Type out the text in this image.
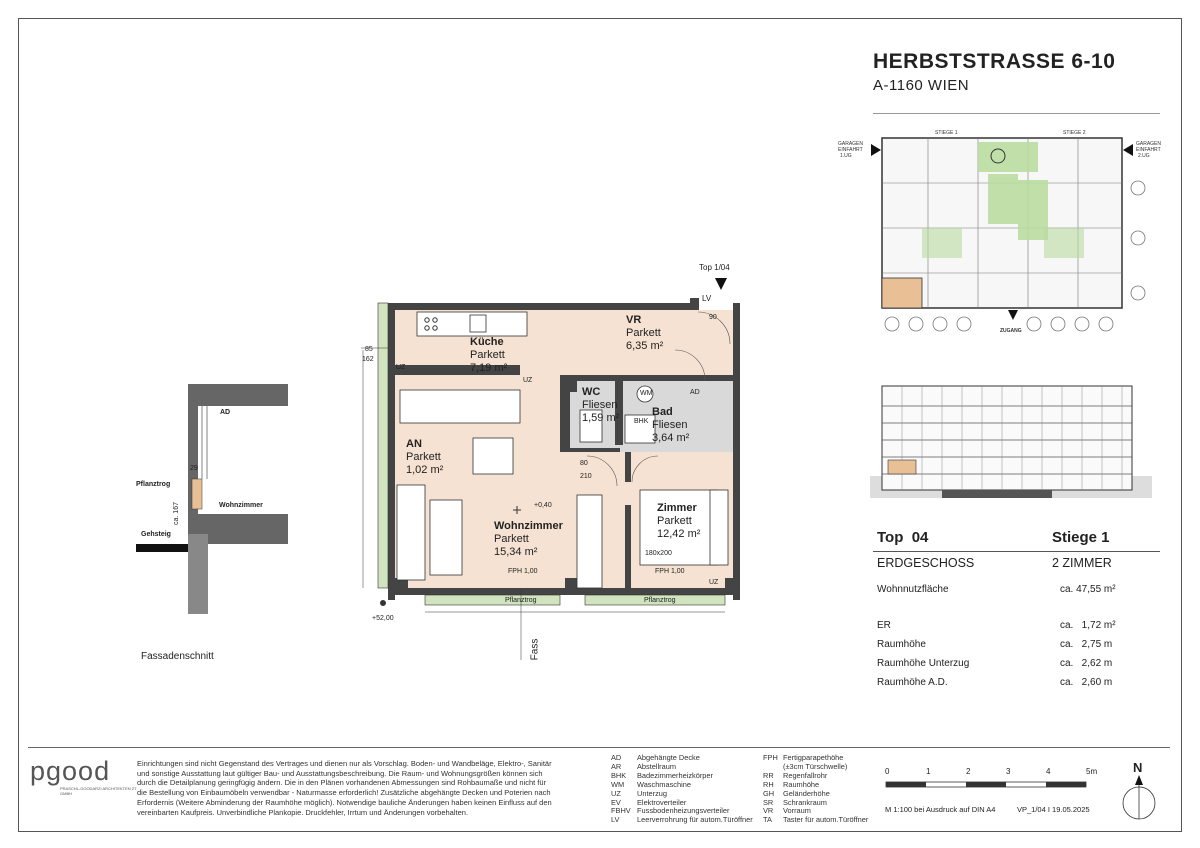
HERBSTSTRASSE 6-10
A-1160 WIEN
STIEGE 1	STIEGE 2
GARAGEN
EINFAHRT
1.UG
GARAGEN
EINFAHRT
2.UG
ZUGANG
Top 04	Stiege 1
ERDGESCHOSS	2 ZIMMER
Wohnnutzfläche	ca. 47,55 m²
ER	ca.   1,72 m²
Raumhöhe	ca.   2,75 m
Raumhöhe Unterzug	ca.   2,62 m
Raumhöhe A.D.	ca.   2,60 m
Top 1/04
LV
Küche
Parkett
7,19 m²
VR
Parkett
6,35 m²
WC
Fliesen
1,59 m²	Bad
Fliesen
3,64 m²
AN
Parkett
1,02 m²
Wohnzimmer
Parkett
15,34 m²
Zimmer
Parkett
12,42 m²
UZ
UZ
UZ
AD
WM
BHK
FPH 1,00	FPH 1,00
Pflanztrog	Pflanztrog
+0,40
+52,00
180x200
85
162
80
210
90
Fass
AD
Pflanztrog
Wohnzimmer
Gehsteig
29
ca. 167
Fassadenschnitt
pgood
PRASCHL-GOODARZI ARCHITEKTEN ZT GMBH
Einrichtungen sind nicht Gegenstand des Vertrages und dienen nur als Vorschlag. Boden- und Wandbeläge, Elektro-, Sanitär
und sonstige Ausstattung laut gültiger Bau- und Ausstattungsbeschreibung. Die Raum- und Wohnungsgrößen können sich
durch die Detailplanung geringfügig ändern. Die in den Plänen vorhandenen Abmessungen sind Rohbaumaße und nicht für
die Bestellung von Einbaumöbeln verwendbar - Naturmasse erforderlich! Zusätzliche abgehängte Decken und Poterien nach
Erfordernis (Weitere Abminderung der Raumhöhe möglich). Notwendige bauliche Änderungen haben keinen Einfluss auf den
vereinbarten Kaufpreis. Unverbindliche Plankopie. Druckfehler, Irrtum und Änderungen vorbehalten.
AD Abgehängte Decke
AR Abstellraum
BHK Badezimmerheizkörper
WM Waschmaschine
UZ Unterzug
EV Elektroverteiler
FBHV Fussbodenheizungsverteiler
LV Leerverrohrung für autom.Türöffner
FPH Fertigparapethöhe
(±3cm Türschwelle)
RR Regenfallrohr
RH Raumhöhe
GH Geländerhöhe
SR Schrankraum
VR Vorraum
TA Taster für autom.Türöffner
0	1	2	3	4	5m
M 1:100 bei Ausdruck auf DIN A4	VP_1/04 I 19.05.2025
N
